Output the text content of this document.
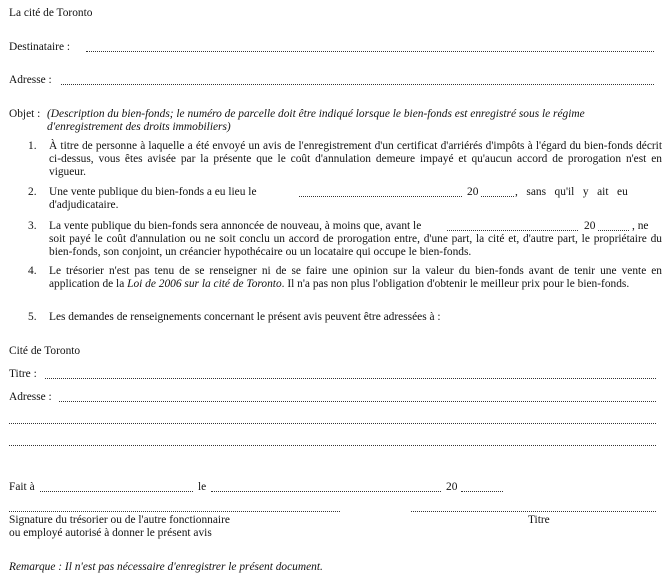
La cité de Toronto
Destinataire :
Adresse :
Objet : (Description du bien-fonds; le numéro de parcelle doit être indiqué lorsque le bien-fonds est enregistré sous le régime
d'enregistrement des droits immobiliers)
1. À titre de personne à laquelle a été envoyé un avis de l'enregistrement d'un certificat d'arriérés d'impôts à l'égard du bien-fonds décrit ci-dessus, vous êtes avisée par la présente que le coût d'annulation demeure impayé et qu'aucun accord de prorogation n'est en vigueur.
2. Une vente publique du bien-fonds a eu lieu le	20	,   sans   qu'il   y   ait   eu
d'adjudicataire.
3. La vente publique du bien-fonds sera annoncée de nouveau, à moins que, avant le	20	, ne
soit payé le coût d'annulation ou ne soit conclu un accord de prorogation entre, d'une part, la cité et, d'autre part, le propriétaire du bien-fonds, son conjoint, un créancier hypothécaire ou un locataire qui occupe le bien-fonds.
4. Le trésorier n'est pas tenu de se renseigner ni de se faire une opinion sur la valeur du bien-fonds avant de tenir une vente en application de la Loi de 2006 sur la cité de Toronto. Il n'a pas non plus l'obligation d'obtenir le meilleur prix pour le bien-fonds.
5. Les demandes de renseignements concernant le présent avis peuvent être adressées à :
Cité de Toronto
Titre :
Adresse :
Fait à	le	20
Signature du trésorier ou de l'autre fonctionnaire
ou employé autorisé à donner le présent avis
Titre
Remarque : Il n'est pas nécessaire d'enregistrer le présent document.
